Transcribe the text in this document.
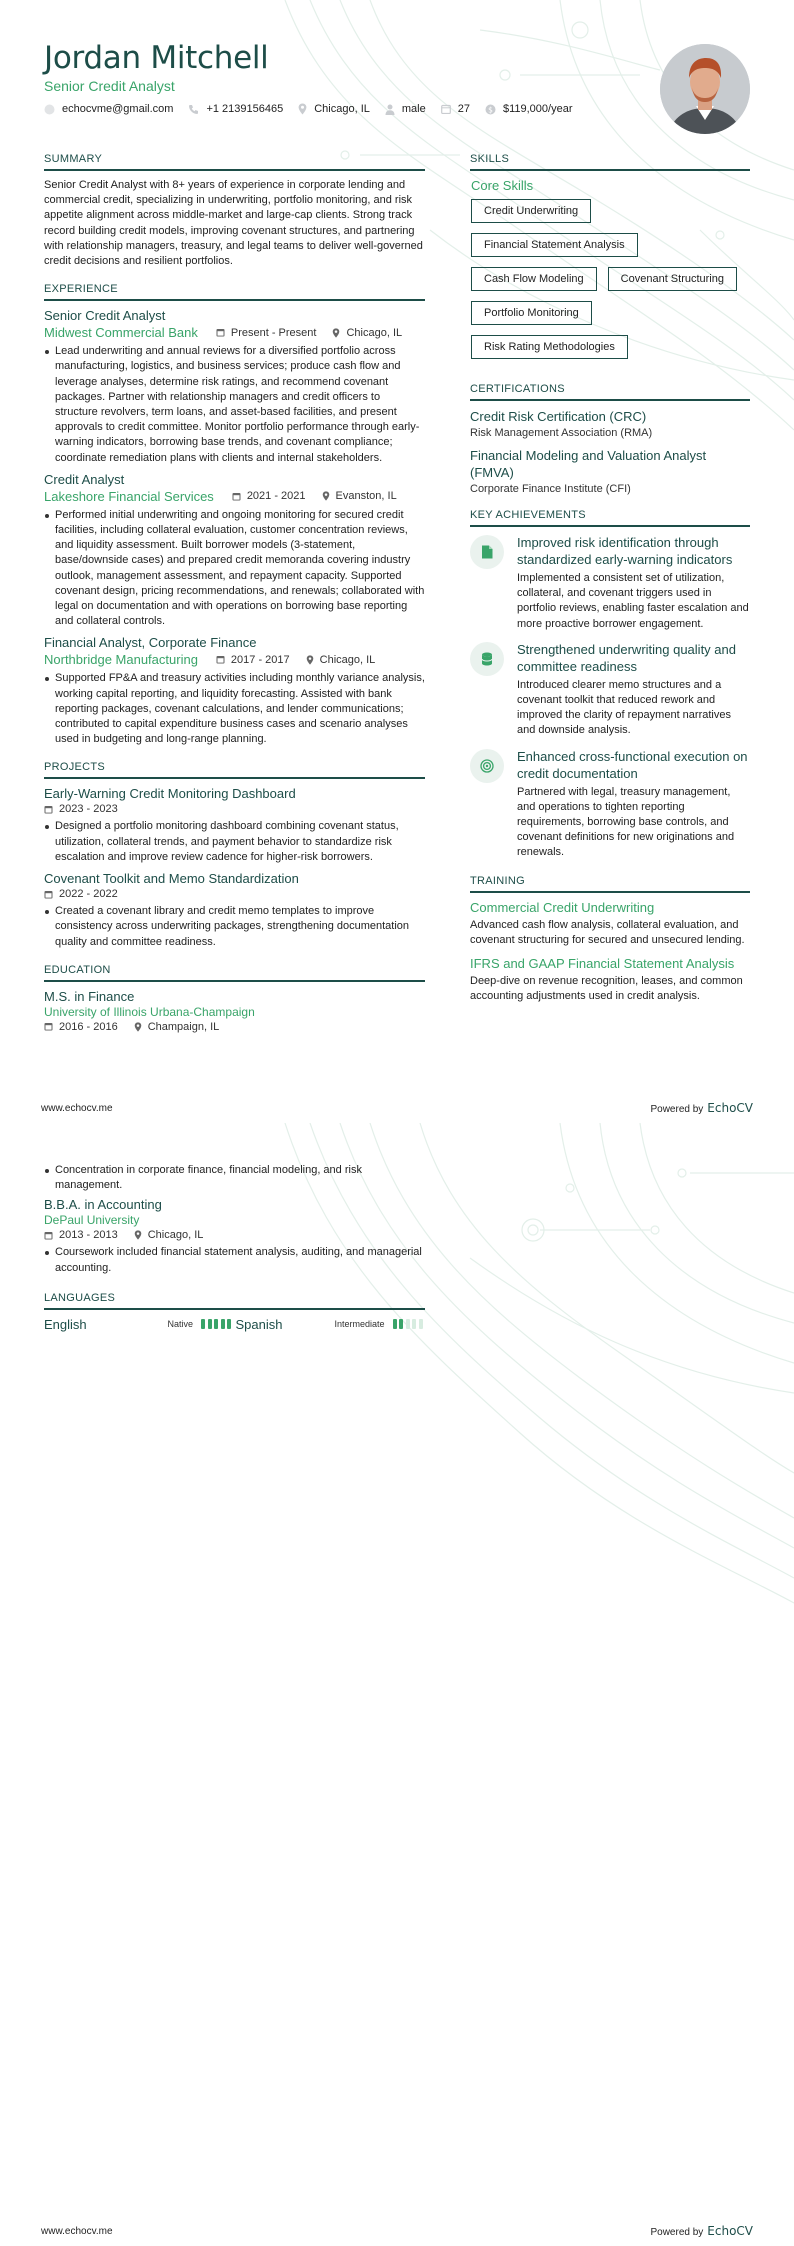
Jordan Mitchell
Senior Credit Analyst
echocvme@gmail.com	+1 2139156465	Chicago, IL	male	27 $ $119,000/year
SUMMARY
Senior Credit Analyst with 8+ years of experience in corporate lending and commercial credit, specializing in underwriting, portfolio monitoring, and risk appetite alignment across middle-market and large-cap clients. Strong track record building credit models, improving covenant structures, and partnering with relationship managers, treasury, and legal teams to deliver well-governed credit decisions and resilient portfolios.
EXPERIENCE
Senior Credit Analyst
Midwest Commercial Bank	Present - Present	Chicago, IL
Lead underwriting and annual reviews for a diversified portfolio across manufacturing, logistics, and business services; produce cash flow and leverage analyses, determine risk ratings, and recommend covenant packages. Partner with relationship managers and credit officers to structure revolvers, term loans, and asset-based facilities, and present approvals to credit committee. Monitor portfolio performance through early-warning indicators, borrowing base trends, and covenant compliance; coordinate remediation plans with clients and internal stakeholders.
Credit Analyst
Lakeshore Financial Services	2021 - 2021	Evanston, IL
Performed initial underwriting and ongoing monitoring for secured credit facilities, including collateral evaluation, customer concentration reviews, and liquidity assessment. Built borrower models (3-statement, base/downside cases) and prepared credit memoranda covering industry outlook, management assessment, and repayment capacity. Supported covenant design, pricing recommendations, and renewals; collaborated with legal on documentation and with operations on borrowing base reporting and collateral controls.
Financial Analyst, Corporate Finance
Northbridge Manufacturing	2017 - 2017	Chicago, IL
Supported FP&A and treasury activities including monthly variance analysis, working capital reporting, and liquidity forecasting. Assisted with bank reporting packages, covenant calculations, and lender communications; contributed to capital expenditure business cases and scenario analyses used in budgeting and long-range planning.
PROJECTS
Early-Warning Credit Monitoring Dashboard
2023 - 2023
Designed a portfolio monitoring dashboard combining covenant status, utilization, collateral trends, and payment behavior to standardize risk escalation and improve review cadence for higher-risk borrowers.
Covenant Toolkit and Memo Standardization
2022 - 2022
Created a covenant library and credit memo templates to improve consistency across underwriting packages, strengthening documentation quality and committee readiness.
EDUCATION
M.S. in Finance
University of Illinois Urbana-Champaign
2016 - 2016	Champaign, IL
SKILLS
Core Skills
Credit Underwriting
Financial Statement Analysis
Cash Flow Modeling	Covenant Structuring
Portfolio Monitoring
Risk Rating Methodologies
CERTIFICATIONS
Credit Risk Certification (CRC)
Risk Management Association (RMA)
Financial Modeling and Valuation Analyst (FMVA)
Corporate Finance Institute (CFI)
KEY ACHIEVEMENTS
Improved risk identification through standardized early-warning indicators
Implemented a consistent set of utilization, collateral, and covenant triggers used in portfolio reviews, enabling faster escalation and more proactive borrower engagement.
Strengthened underwriting quality and committee readiness
Introduced clearer memo structures and a covenant toolkit that reduced rework and improved the clarity of repayment narratives and downside analysis.
Enhanced cross-functional execution on credit documentation
Partnered with legal, treasury management, and operations to tighten reporting requirements, borrowing base controls, and covenant definitions for new originations and renewals.
TRAINING
Commercial Credit Underwriting
Advanced cash flow analysis, collateral evaluation, and covenant structuring for secured and unsecured lending.
IFRS and GAAP Financial Statement Analysis
Deep-dive on revenue recognition, leases, and common accounting adjustments used in credit analysis.
www.echocv.me	Powered by EchoCV
Concentration in corporate finance, financial modeling, and risk management.
B.B.A. in Accounting
DePaul University
2013 - 2013	Chicago, IL
Coursework included financial statement analysis, auditing, and managerial accounting.
LANGUAGES
English	Native	Spanish	Intermediate
www.echocv.me	Powered by EchoCV
